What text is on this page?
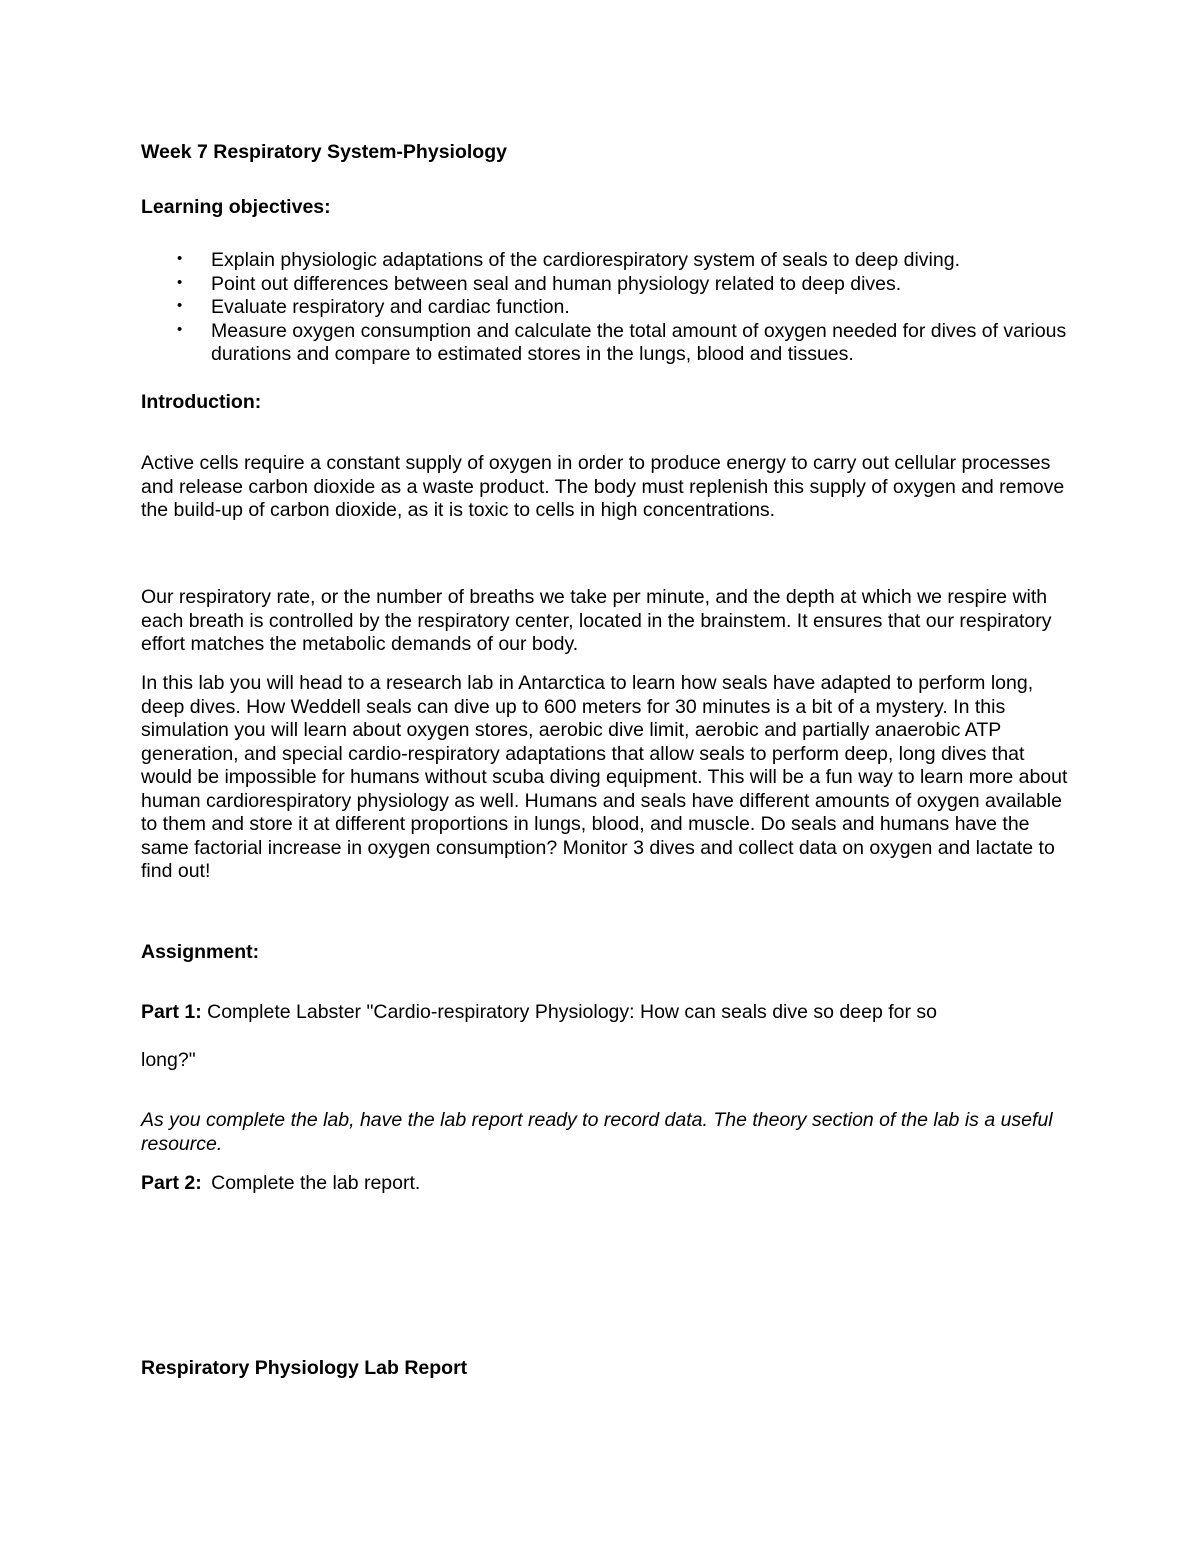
Week 7 Respiratory System-Physiology

Learning objectives:

• Explain physiologic adaptations of the cardiorespiratory system of seals to deep diving.
• Point out differences between seal and human physiology related to deep dives.
• Evaluate respiratory and cardiac function.
• Measure oxygen consumption and calculate the total amount of oxygen needed for dives of various durations and compare to estimated stores in the lungs, blood and tissues.

Introduction:

Active cells require a constant supply of oxygen in order to produce energy to carry out cellular processes and release carbon dioxide as a waste product. The body must replenish this supply of oxygen and remove the build-up of carbon dioxide, as it is toxic to cells in high concentrations.

Our respiratory rate, or the number of breaths we take per minute, and the depth at which we respire with each breath is controlled by the respiratory center, located in the brainstem. It ensures that our respiratory effort matches the metabolic demands of our body.

In this lab you will head to a research lab in Antarctica to learn how seals have adapted to perform long, deep dives. How Weddell seals can dive up to 600 meters for 30 minutes is a bit of a mystery. In this simulation you will learn about oxygen stores, aerobic dive limit, aerobic and partially anaerobic ATP generation, and special cardio-respiratory adaptations that allow seals to perform deep, long dives that would be impossible for humans without scuba diving equipment. This will be a fun way to learn more about human cardiorespiratory physiology as well. Humans and seals have different amounts of oxygen available to them and store it at different proportions in lungs, blood, and muscle. Do seals and humans have the same factorial increase in oxygen consumption? Monitor 3 dives and collect data on oxygen and lactate to find out!

Assignment:

Part 1: Complete Labster "Cardio-respiratory Physiology: How can seals dive so deep for so

long?"

As you complete the lab, have the lab report ready to record data. The theory section of the lab is a useful resource.

Part 2: Complete the lab report.

Respiratory Physiology Lab Report
